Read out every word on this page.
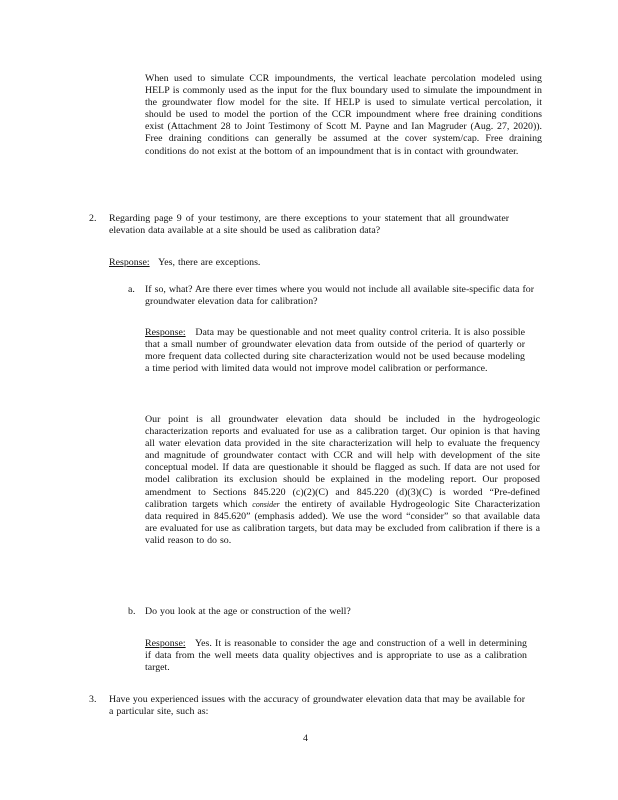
When used to simulate CCR impoundments, the vertical leachate percolation modeled using HELP is commonly used as the input for the flux boundary used to simulate the impoundment in the groundwater flow model for the site. If HELP is used to simulate vertical percolation, it should be used to model the portion of the CCR impoundment where free draining conditions exist (Attachment 28 to Joint Testimony of Scott M. Payne and Ian Magruder (Aug. 27, 2020)). Free draining conditions can generally be assumed at the cover system/cap. Free draining conditions do not exist at the bottom of an impoundment that is in contact with groundwater.

2. Regarding page 9 of your testimony, are there exceptions to your statement that all groundwater elevation data available at a site should be used as calibration data?

Response: Yes, there are exceptions.

a. If so, what? Are there ever times where you would not include all available site-specific data for groundwater elevation data for calibration?

Response: Data may be questionable and not meet quality control criteria. It is also possible that a small number of groundwater elevation data from outside of the period of quarterly or more frequent data collected during site characterization would not be used because modeling a time period with limited data would not improve model calibration or performance.

Our point is all groundwater elevation data should be included in the hydrogeologic characterization reports and evaluated for use as a calibration target. Our opinion is that having all water elevation data provided in the site characterization will help to evaluate the frequency and magnitude of groundwater contact with CCR and will help with development of the site conceptual model. If data are questionable it should be flagged as such. If data are not used for model calibration its exclusion should be explained in the modeling report. Our proposed amendment to Sections 845.220 (c)(2)(C) and 845.220 (d)(3)(C) is worded “Pre-defined calibration targets which consider the entirety of available Hydrogeologic Site Characterization data required in 845.620” (emphasis added). We use the word “consider” so that available data are evaluated for use as calibration targets, but data may be excluded from calibration if there is a valid reason to do so.

b. Do you look at the age or construction of the well?

Response: Yes. It is reasonable to consider the age and construction of a well in determining if data from the well meets data quality objectives and is appropriate to use as a calibration target.

3. Have you experienced issues with the accuracy of groundwater elevation data that may be available for a particular site, such as:

4
